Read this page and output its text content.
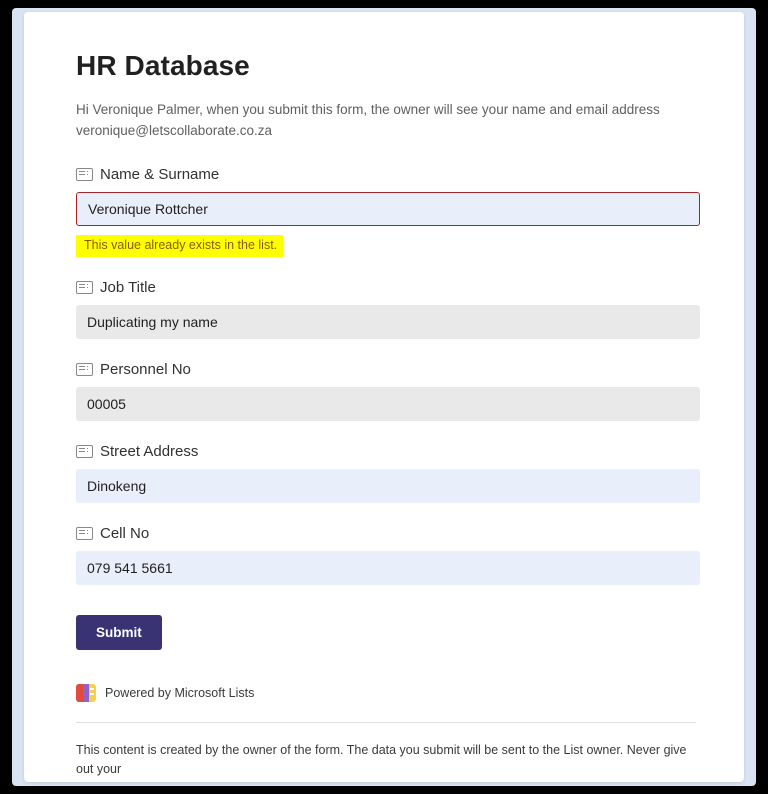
HR Database
Hi Veronique Palmer, when you submit this form, the owner will see your name and email address veronique@letscollaborate.co.za
Name & Surname
Veronique Rottcher This value already exists in the list.
Job Title
Duplicating my name
Personnel No
00005
Street Address
Dinokeng
Cell No
079 541 5661
Submit
Powered by Microsoft Lists
This content is created by the owner of the form. The data you submit will be sent to the List owner. Never give out your
